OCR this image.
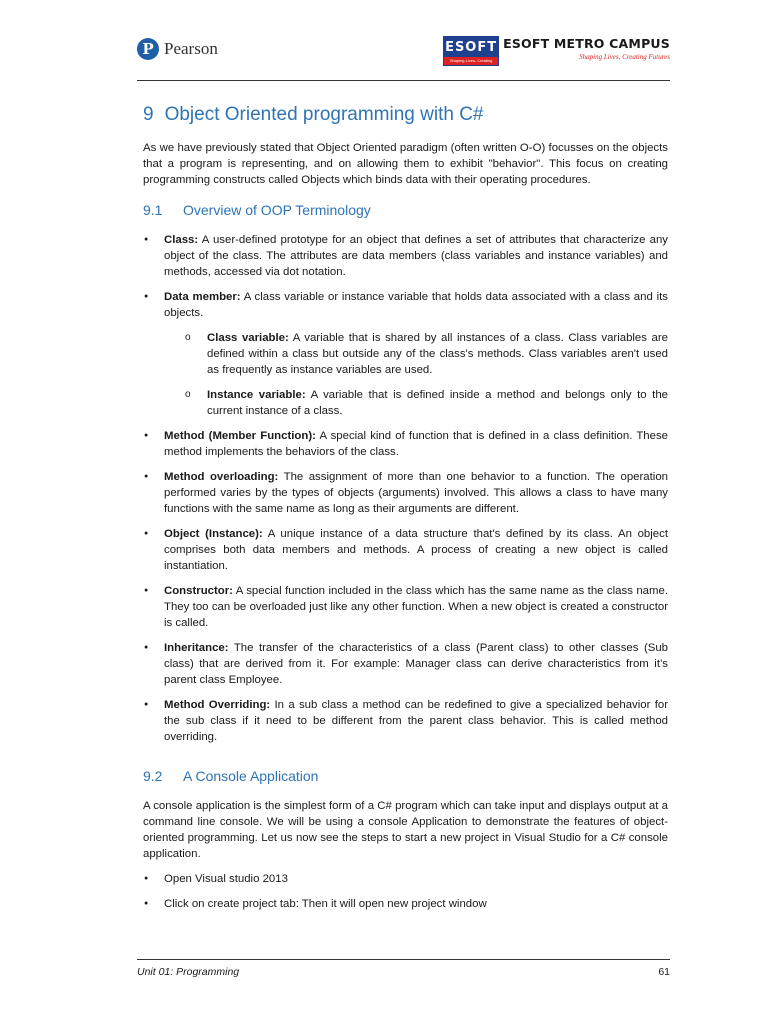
P Pearson	ESOFT
Shaping Lives, Creating Futures
ESOFT METRO CAMPUS
Shaping Lives, Creating Futures
9 Object Oriented programming with C#

As we have previously stated that Object Oriented paradigm (often written O-O) focusses on the objects that a program is representing, and on allowing them to exhibit "behavior". This focus on creating programming constructs called Objects which binds data with their operating procedures.

9.1 Overview of OOP Terminology
● Class: A user-defined prototype for an object that defines a set of attributes that characterize any object of the class. The attributes are data members (class variables and instance variables) and methods, accessed via dot notation.
● Data member: A class variable or instance variable that holds data associated with a class and its objects.
o Class variable: A variable that is shared by all instances of a class. Class variables are defined within a class but outside any of the class's methods. Class variables aren't used as frequently as instance variables are used.
o Instance variable: A variable that is defined inside a method and belongs only to the current instance of a class.
● Method (Member Function): A special kind of function that is defined in a class definition. These method implements the behaviors of the class.
● Method overloading: The assignment of more than one behavior to a function. The operation performed varies by the types of objects (arguments) involved. This allows a class to have many functions with the same name as long as their arguments are different.
● Object (Instance): A unique instance of a data structure that's defined by its class. An object comprises both data members and methods. A process of creating a new object is called instantiation.
● Constructor: A special function included in the class which has the same name as the class name. They too can be overloaded just like any other function. When a new object is created a constructor is called.
● Inheritance: The transfer of the characteristics of a class (Parent class) to other classes (Sub class) that are derived from it. For example: Manager class can derive characteristics from it’s parent class Employee.
● Method Overriding: In a sub class a method can be redefined to give a specialized behavior for the sub class if it need to be different from the parent class behavior. This is called method overriding.
9.2 A Console Application

A console application is the simplest form of a C# program which can take input and displays output at a command line console. We will be using a console Application to demonstrate the features of object-oriented programming. Let us now see the steps to start a new project in Visual Studio for a C# console application.

● Open Visual studio 2013
● Click on create project tab: Then it will open new project window
Unit 01: Programming	61
